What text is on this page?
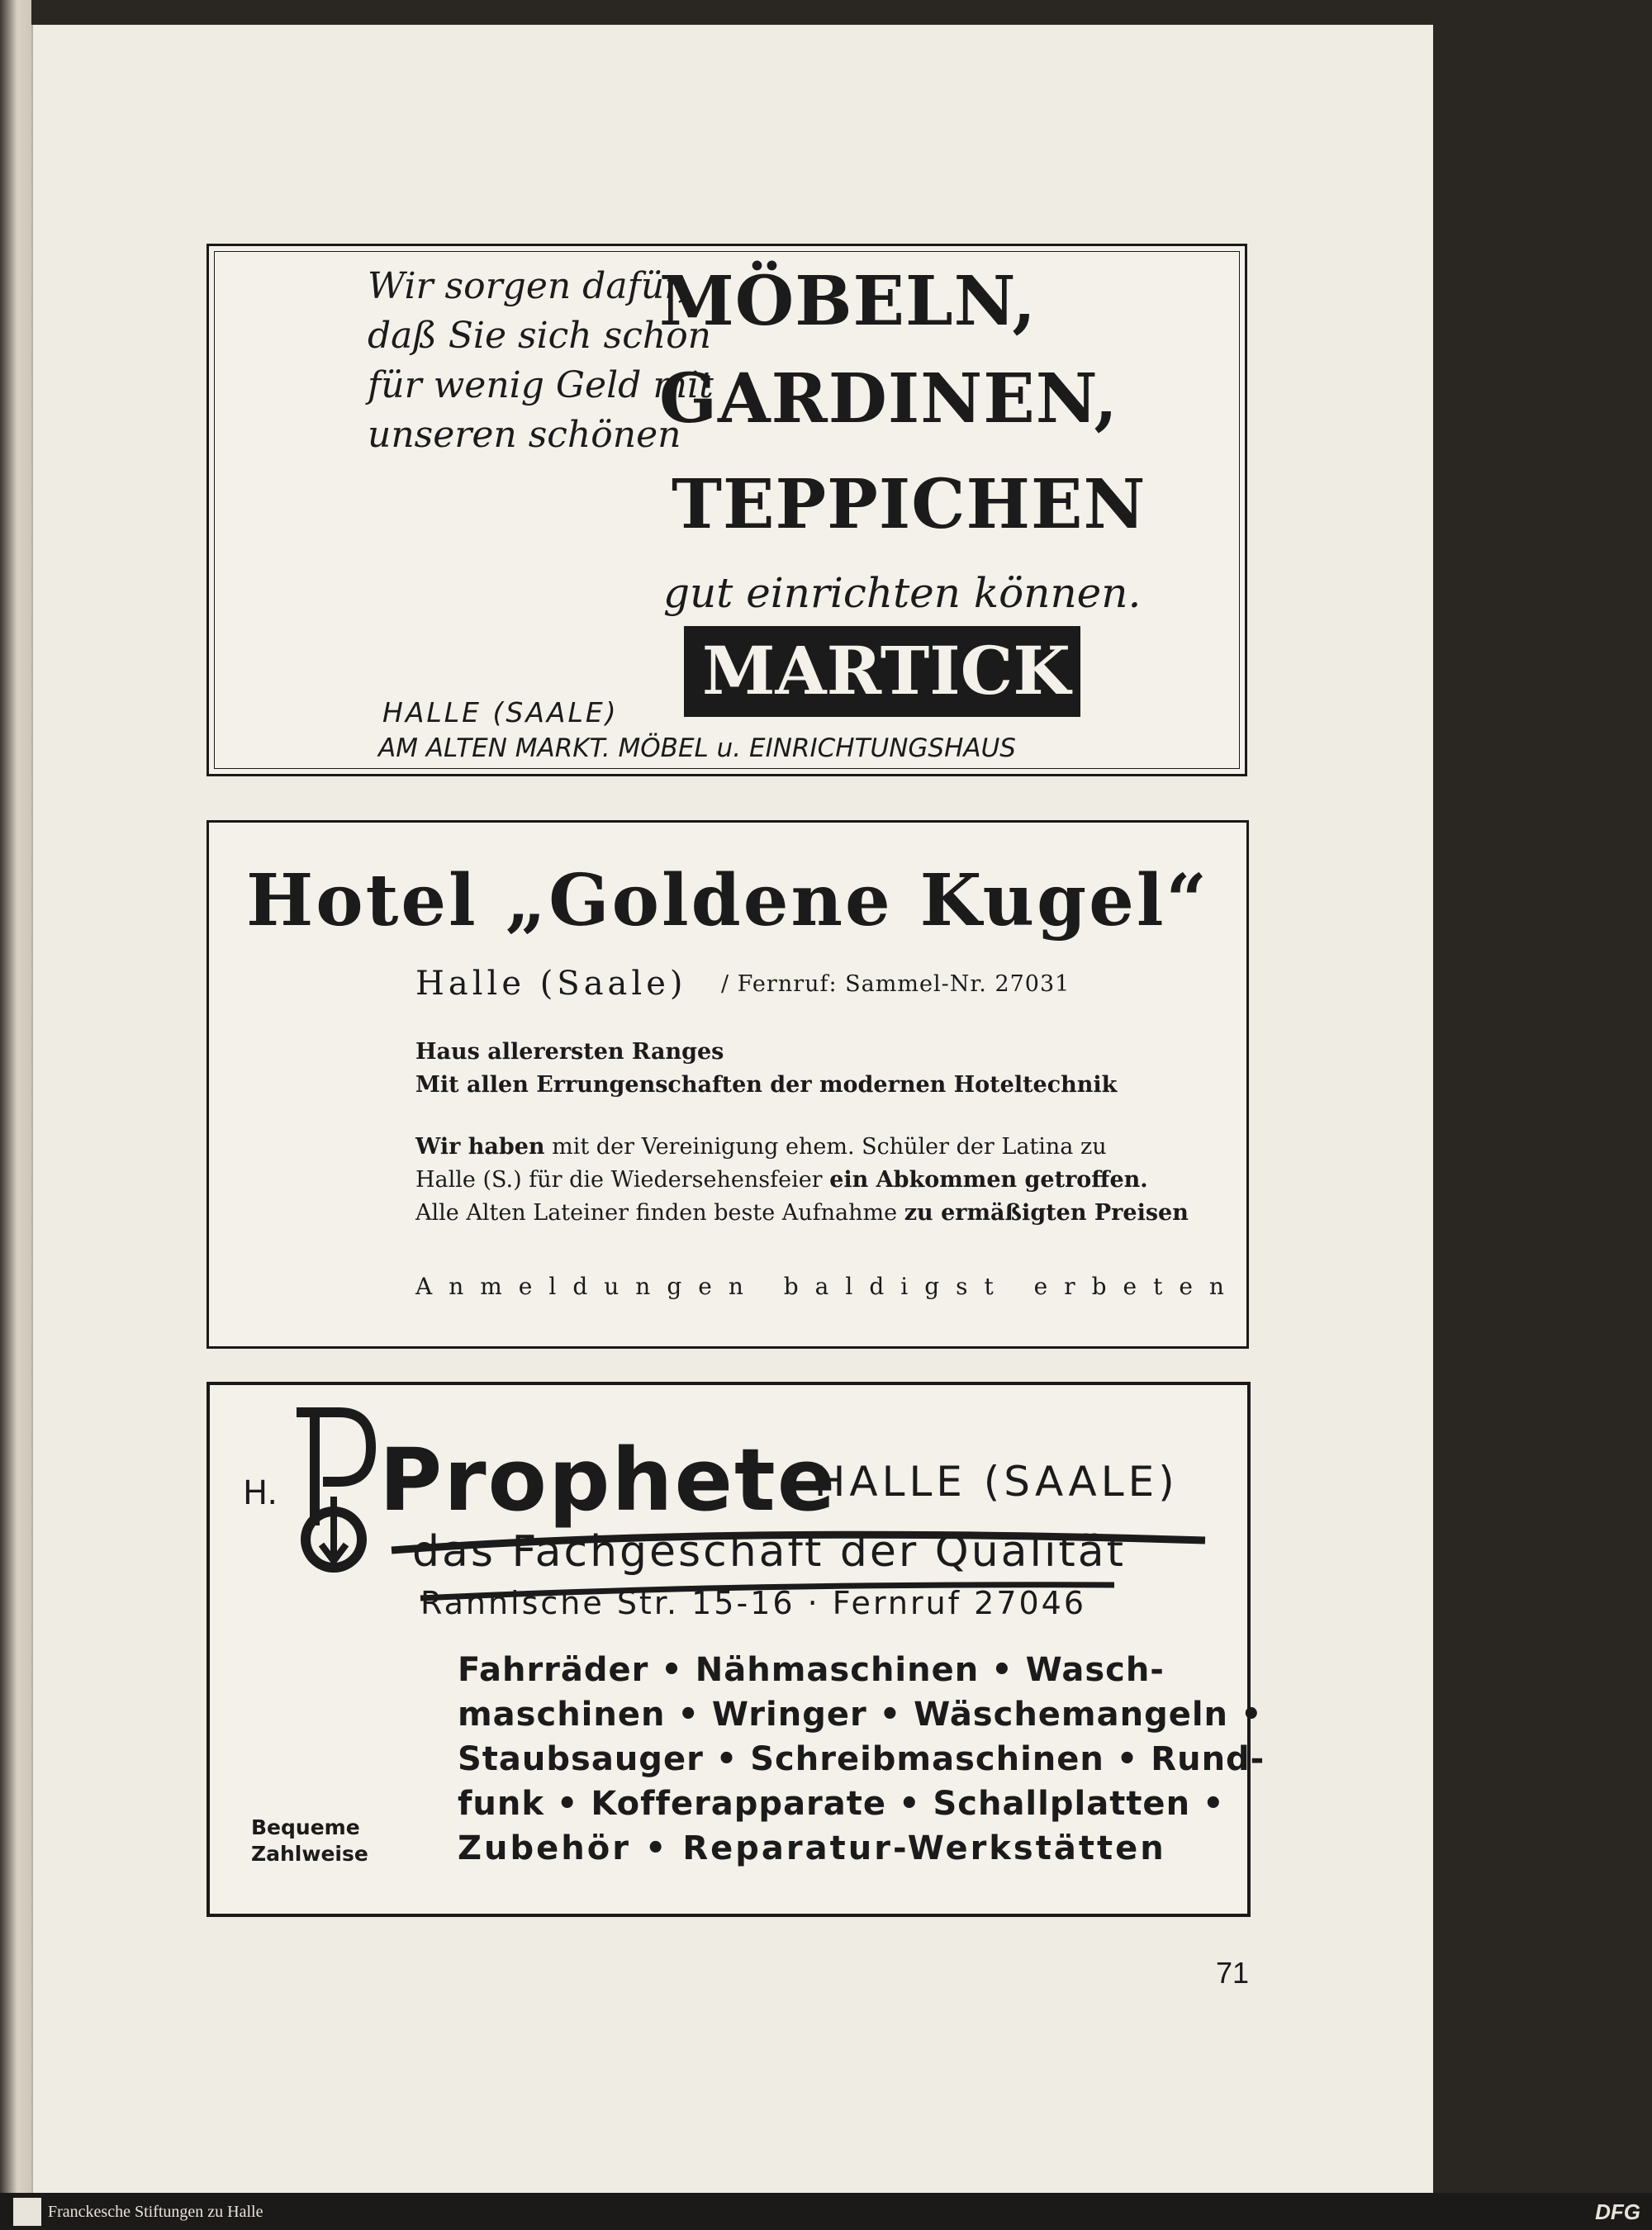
Wir sorgen dafür,
daß Sie sich schon
für wenig Geld mit
unseren schönen
MÖBELN,
GARDINEN,
TEPPICHEN
gut einrichten können.
MARTICK
HALLE (SAALE)
AM ALTEN MARKT. MÖBEL u. EINRICHTUNGSHAUS
Hotel „Goldene Kugel“
Halle (Saale) / Fernruf: Sammel-Nr. 27031
Haus allerersten Ranges
Mit allen Errungenschaften der modernen Hoteltechnik
Wir haben mit der Vereinigung ehem. Schüler der Latina zu
Halle (S.) für die Wiedersehensfeier ein Abkommen getroffen.
Alle Alten Lateiner finden beste Aufnahme zu ermäßigten Preisen
Anmeldungen baldigst erbeten
H. Prophete
· HALLE (SAALE)
das Fachgeschäft der Qualität
Rannische Str. 15-16 · Fernruf 27046
Fahrräder • Nähmaschinen • Wasch-
maschinen • Wringer • Wäschemangeln •
Staubsauger • Schreibmaschinen • Rund-
funk • Kofferapparate • Schallplatten •
Zubehör • Reparatur-Werkstätten
Bequeme
Zahlweise
71
Franckesche Stiftungen zu Halle	DFG
